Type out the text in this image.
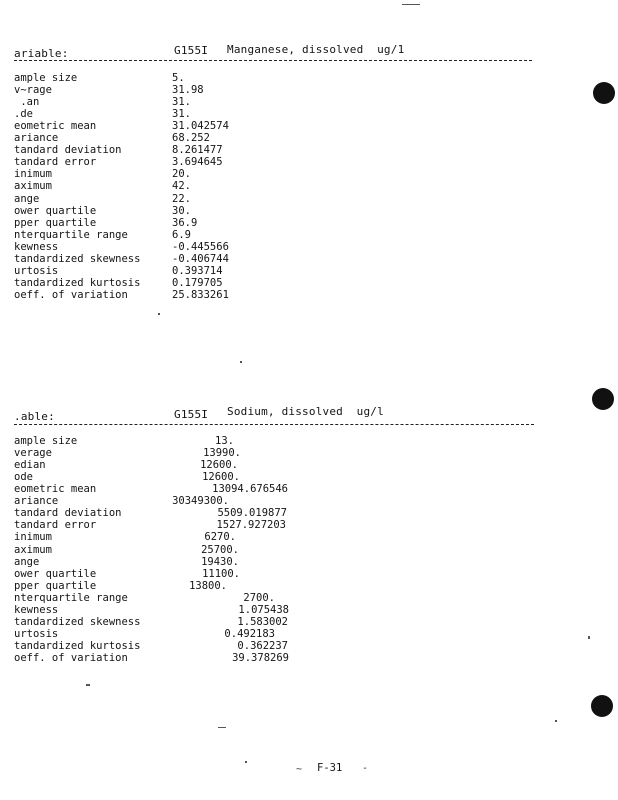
ariable:	G155I Manganese, dissolved  ug/1
ample size	5.
v~rage	31.98
.an	31.
.de	31.
eometric mean	31.042574
ariance	68.252
tandard deviation	8.261477
tandard error	3.694645
inimum	20.
aximum	42.
ange	22.
ower quartile	30.
pper quartile	36.9
nterquartile range	6.9
kewness	-0.445566
tandardized skewness	-0.406744
urtosis	0.393714
tandardized kurtosis	0.179705
oeff. of variation	25.833261
.able:	G155I Sodium, dissolved  ug/l
ample size	13.
verage	13990.
edian	12600.
ode	12600.
eometric mean	13094.676546
ariance	30349300.
tandard deviation	5509.019877
tandard error	1527.927203
inimum	6270.
aximum	25700.
ange	19430.
ower quartile	11100.
pper quartile	13800.
nterquartile range	2700.
kewness	1.075438
tandardized skewness	1.583002
urtosis	0.492183
tandardized kurtosis	0.362237
oeff. of variation	39.378269
~ F-31 -
